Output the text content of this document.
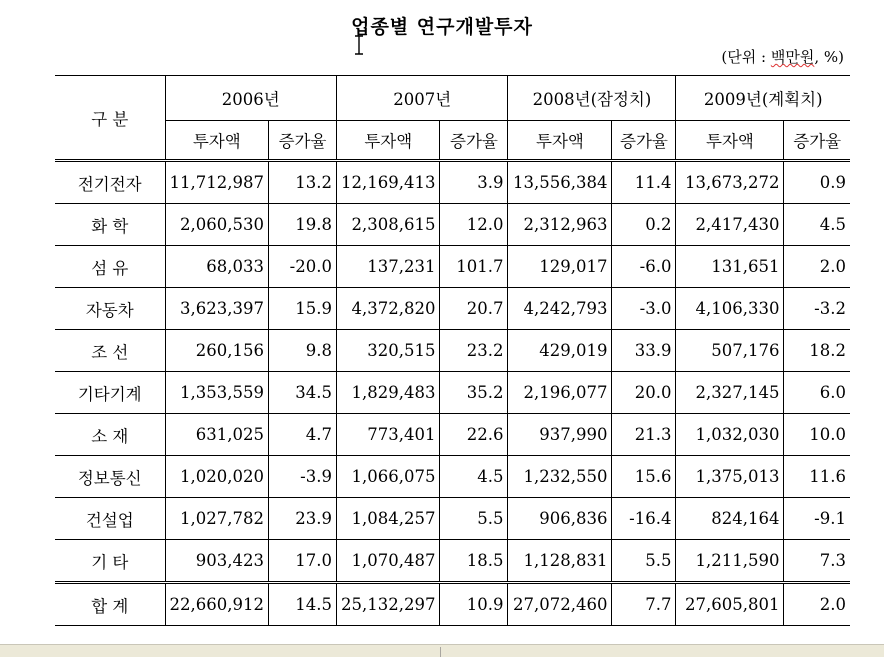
업종별 연구개발투자
(단위 : 백만원, %)
구 분	2006년		2007년		2008년(잠정치)		2009년(계획치)	
	투자액	증가율	투자액	증가율	투자액	증가율	투자액	증가율
전기전자	11,712,987	13.2	12,169,413	3.9	13,556,384	11.4	13,673,272	0.9
화 학	2,060,530	19.8	2,308,615	12.0	2,312,963	0.2	2,417,430	4.5
섬 유	68,033	-20.0	137,231	101.7	129,017	-6.0	131,651	2.0
자동차	3,623,397	15.9	4,372,820	20.7	4,242,793	-3.0	4,106,330	-3.2
조 선	260,156	9.8	320,515	23.2	429,019	33.9	507,176	18.2
기타기계	1,353,559	34.5	1,829,483	35.2	2,196,077	20.0	2,327,145	6.0
소 재	631,025	4.7	773,401	22.6	937,990	21.3	1,032,030	10.0
정보통신	1,020,020	-3.9	1,066,075	4.5	1,232,550	15.6	1,375,013	11.6
건설업	1,027,782	23.9	1,084,257	5.5	906,836	-16.4	824,164	-9.1
기 타	903,423	17.0	1,070,487	18.5	1,128,831	5.5	1,211,590	7.3
합 계	22,660,912	14.5	25,132,297	10.9	27,072,460	7.7	27,605,801	2.0
